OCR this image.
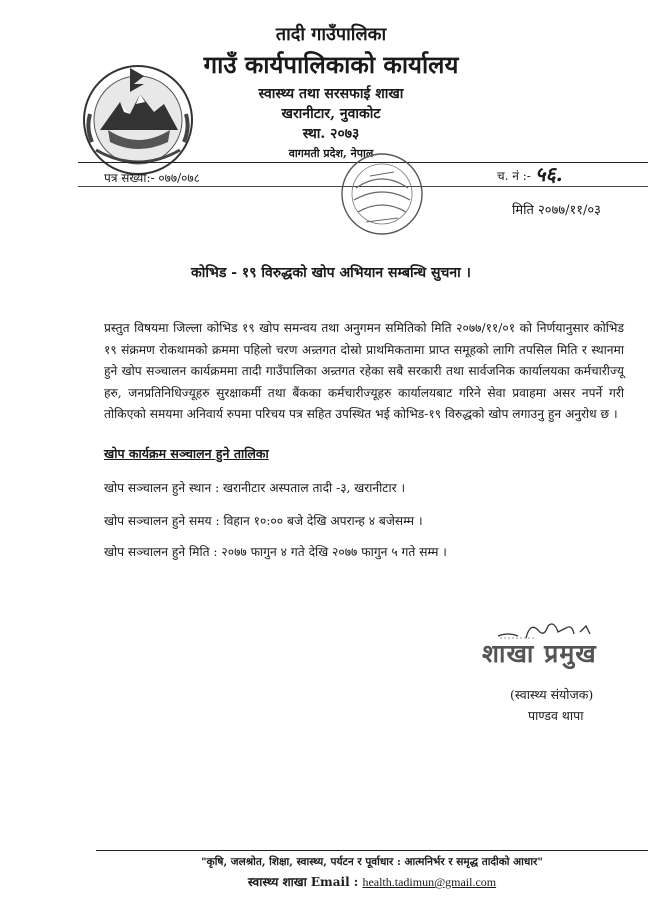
तादी गाउँपालिका
गाउँ कार्यपालिकाको कार्यालय
स्वास्थ्य तथा सरसफाई शाखा
खरानीटार, नुवाकोट
स्था. २०७३
वागमती प्रदेश, नेपाल
पत्र संख्या:- ०७७/०७८	च. नं :- ५६.
मिति २०७७/११/०३
कोभिड - १९ विरुद्धको खोप अभियान सम्बन्धि सुचना ।

प्रस्तुत विषयमा जिल्ला कोभिड १९ खोप समन्वय तथा अनुगमन समितिको मिति २०७७/११/०१ को निर्णयानुसार कोभिड १९ संक्रमण रोकथामको क्रममा पहिलो चरण अन्र्तगत दोस्रो प्राथमिकतामा प्राप्त समूहको लागि तपसिल मिति र स्थानमा हुने खोप सञ्चालन कार्यक्रममा तादी गाउँपालिका अन्र्तगत रहेका सबै सरकारी तथा सार्वजनिक कार्यालयका कर्मचारीज्यू हरु, जनप्रतिनिधिज्यूहरु सुरक्षाकर्मी तथा बैंकका कर्मचारीज्यूहरु कार्यालयबाट गरिने सेवा प्रवाहमा असर नपर्ने गरी तोकिएको समयमा अनिवार्य रुपमा परिचय पत्र सहित उपस्थित भई कोभिड-१९ विरुद्धको खोप लगाउनु हुन अनुरोध छ ।

खोप कार्यक्रम सञ्चालन हुने तालिका
खोप सञ्चालन हुने स्थान : खरानीटार अस्पताल तादी -३, खरानीटार ।
खोप सञ्चालन हुने समय : विहान १०:०० बजे देखि अपरान्ह ४ बजेसम्म ।
खोप सञ्चालन हुने मिति : २०७७ फागुन ४ गते देखि २०७७ फागुन ५ गते सम्म ।
शाखा प्रमुख
(स्वास्थ्य संयोजक)
पाण्डव थापा
"कृषि, जलश्रोत, शिक्षा, स्वास्थ्य, पर्यटन र पूर्वाधार : आत्मनिर्भर र समृद्ध तादीको आधार"
स्वास्थ्य शाखा Email : health.tadimun@gmail.com
